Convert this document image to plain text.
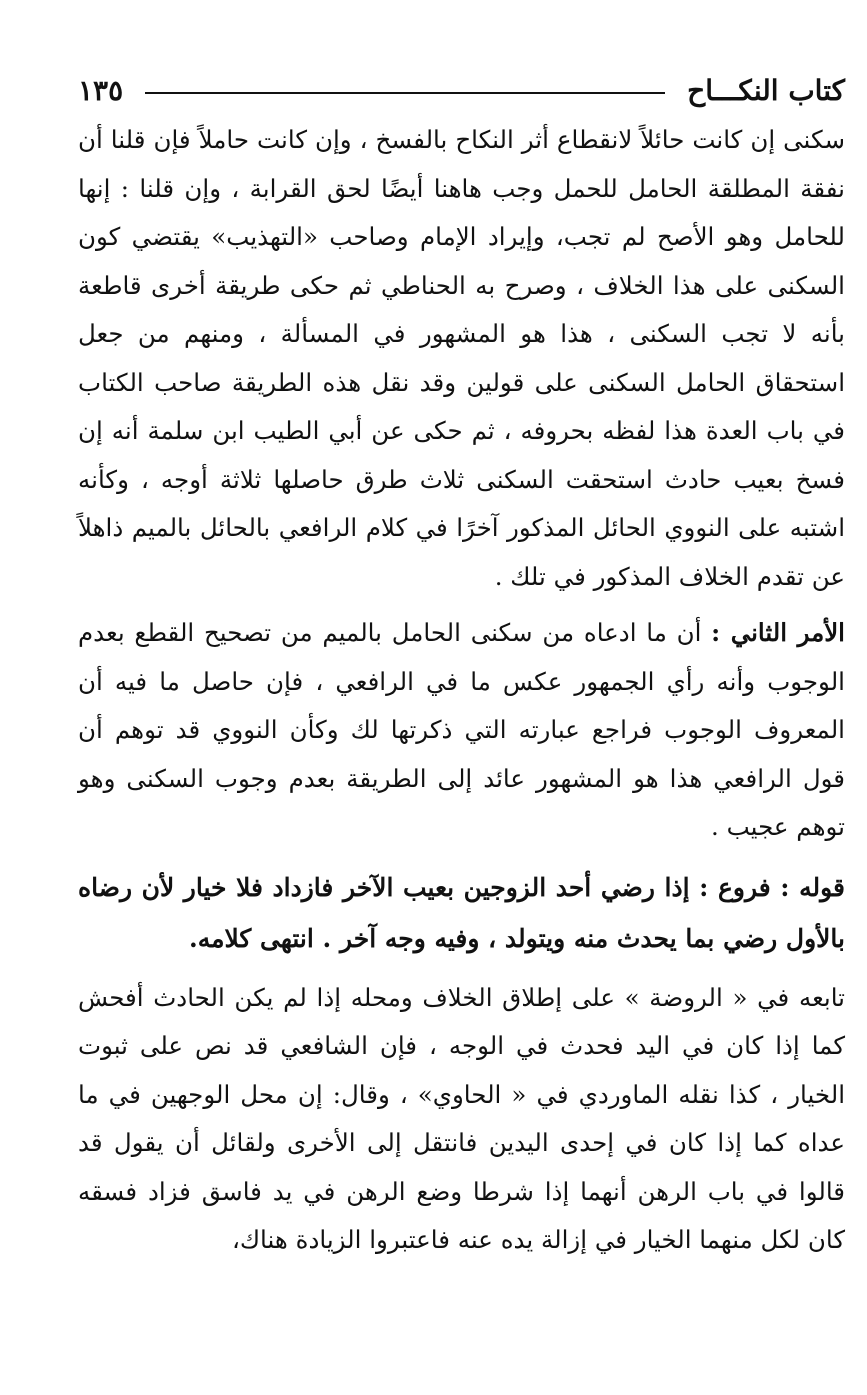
كتاب النكـــاح
١٣٥

سكنى إن كانت حائلاً لانقطاع أثر النكاح بالفسخ ، وإن كانت حاملاً فإن قلنا أن نفقة المطلقة الحامل للحمل وجب هاهنا أيضًا لحق القرابة ، وإن قلنا : إنها للحامل وهو الأصح لم تجب، وإيراد الإمام وصاحب «التهذيب» يقتضي كون السكنى على هذا الخلاف ، وصرح به الحناطي ثم حكى طريقة أخرى قاطعة بأنه لا تجب السكنى ، هذا هو المشهور في المسألة ، ومنهم من جعل استحقاق الحامل السكنى على قولين وقد نقل هذه الطريقة صاحب الكتاب في باب العدة هذا لفظه بحروفه ، ثم حكى عن أبي الطيب ابن سلمة أنه إن فسخ بعيب حادث استحقت السكنى ثلاث طرق حاصلها ثلاثة أوجه ، وكأنه اشتبه على النووي الحائل المذكور آخرًا في كلام الرافعي بالحائل بالميم ذاهلاً عن تقدم الخلاف المذكور في تلك .

الأمر الثاني : أن ما ادعاه من سكنى الحامل بالميم من تصحيح القطع بعدم الوجوب وأنه رأي الجمهور عكس ما في الرافعي ، فإن حاصل ما فيه أن المعروف الوجوب فراجع عبارته التي ذكرتها لك وكأن النووي قد توهم أن قول الرافعي هذا هو المشهور عائد إلى الطريقة بعدم وجوب السكنى وهو توهم عجيب .

قوله : فروع : إذا رضي أحد الزوجين بعيب الآخر فازداد فلا خيار لأن رضاه بالأول رضي بما يحدث منه ويتولد ، وفيه وجه آخر . انتهى كلامه.

تابعه في « الروضة » على إطلاق الخلاف ومحله إذا لم يكن الحادث أفحش كما إذا كان في اليد فحدث في الوجه ، فإن الشافعي قد نص على ثبوت الخيار ، كذا نقله الماوردي في « الحاوي» ، وقال: إن محل الوجهين في ما عداه كما إذا كان في إحدى اليدين فانتقل إلى الأخرى ولقائل أن يقول قد قالوا في باب الرهن أنهما إذا شرطا وضع الرهن في يد فاسق فزاد فسقه كان لكل منهما الخيار في إزالة يده عنه فاعتبروا الزيادة هناك،
